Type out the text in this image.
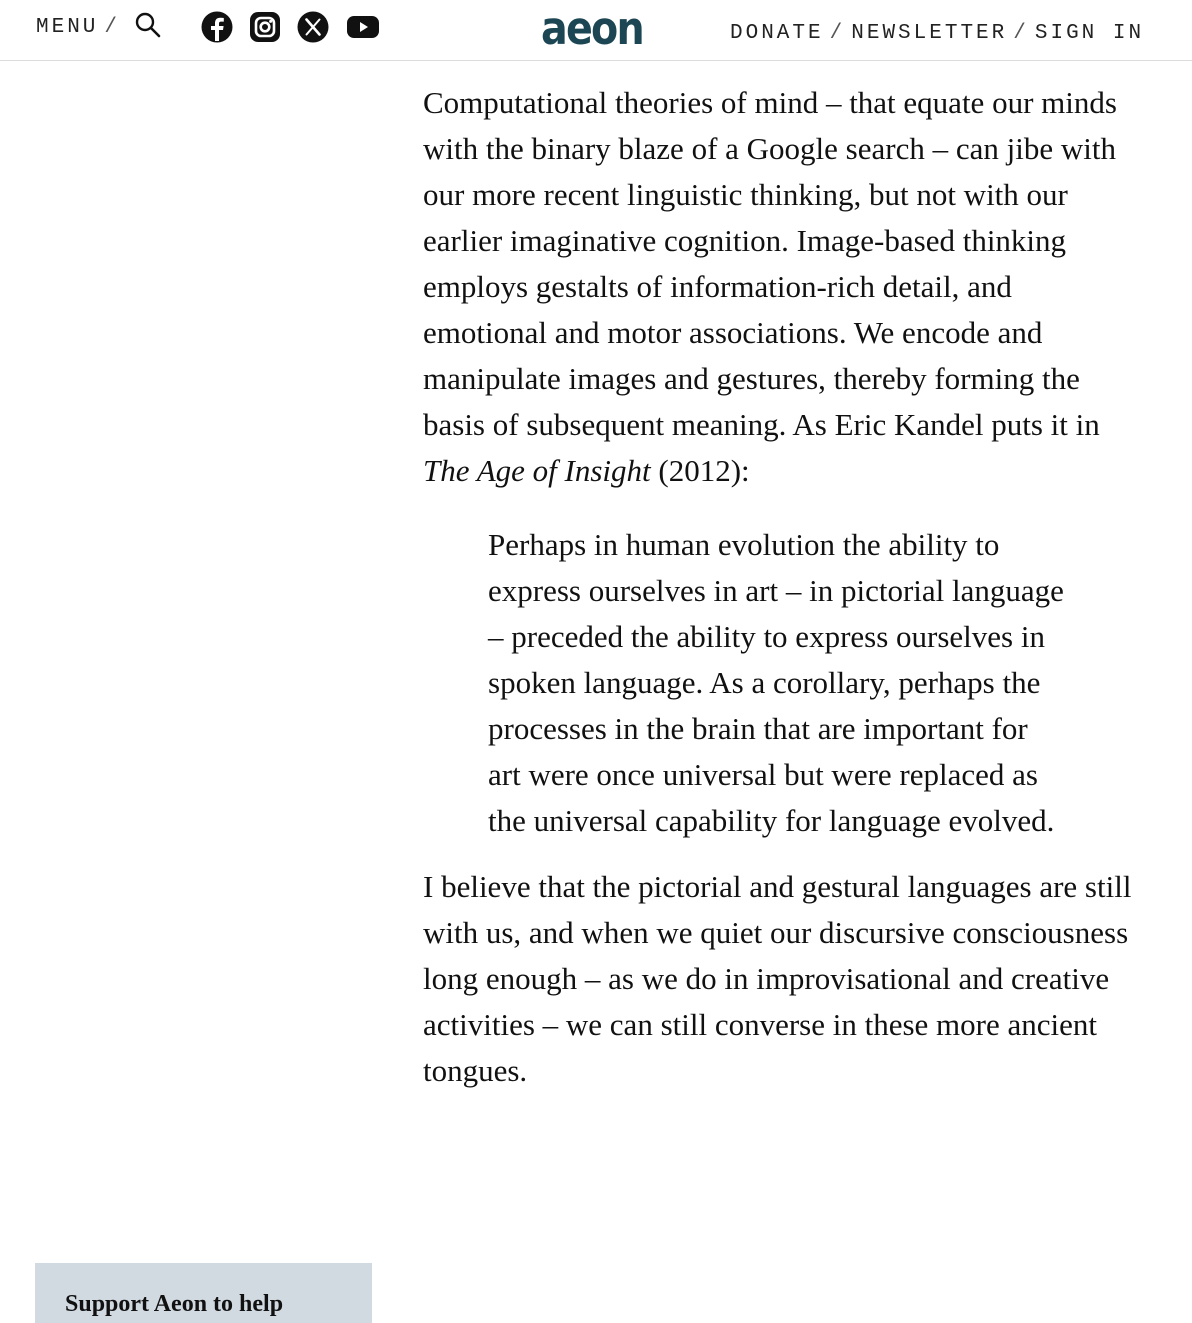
MENU /	aeon	DONATE / NEWSLETTER / SIGN IN

Computational theories of mind – that equate our minds with the binary blaze of a Google search – can jibe with our more recent linguistic thinking, but not with our earlier imaginative cognition. Image-based thinking employs gestalts of information-rich detail, and emotional and motor associations. We encode and manipulate images and gestures, thereby forming the basis of subsequent meaning. As Eric Kandel puts it in The Age of Insight (2012):

Perhaps in human evolution the ability to express ourselves in art – in pictorial language – preceded the ability to express ourselves in spoken language. As a corollary, perhaps the processes in the brain that are important for art were once universal but were replaced as the universal capability for language evolved.

I believe that the pictorial and gestural languages are still with us, and when we quiet our discursive consciousness long enough – as we do in improvisational and creative activities – we can still converse in these more ancient tongues.

Support Aeon to help
